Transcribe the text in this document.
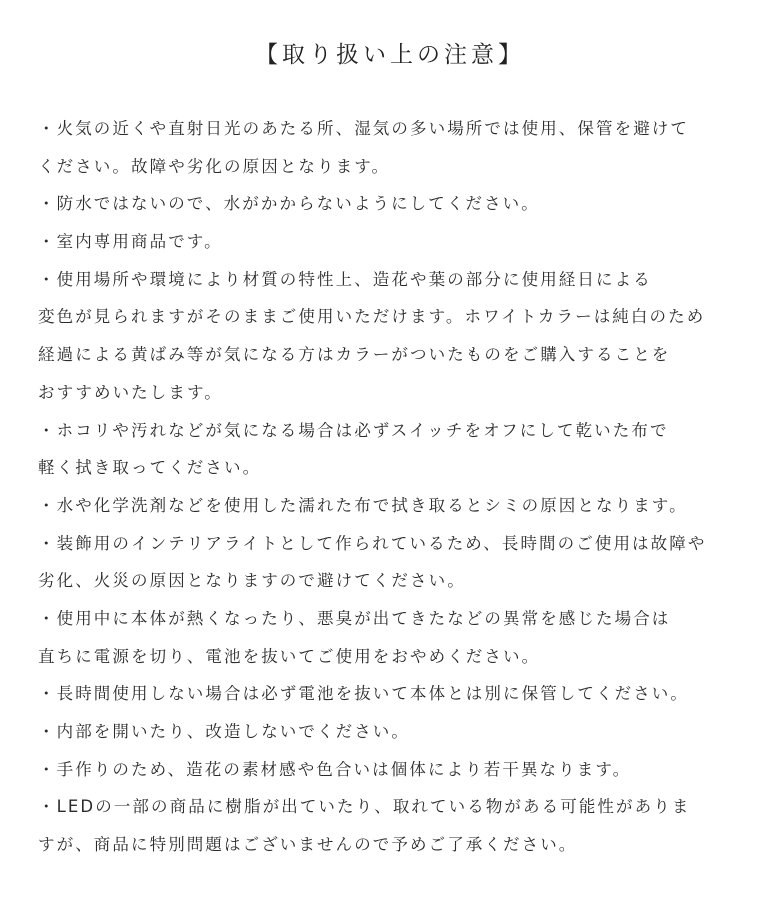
【取り扱い上の注意】
・火気の近くや直射日光のあたる所、湿気の多い場所では使用、保管を避けて
ください。故障や劣化の原因となります。
・防水ではないので、水がかからないようにしてください。
・室内専用商品です。
・使用場所や環境により材質の特性上、造花や葉の部分に使用経日による
変色が見られますがそのままご使用いただけます。ホワイトカラーは純白のため
経過による黄ばみ等が気になる方はカラーがついたものをご購入することを
おすすめいたします。
・ホコリや汚れなどが気になる場合は必ずスイッチをオフにして乾いた布で
軽く拭き取ってください。
・水や化学洗剤などを使用した濡れた布で拭き取るとシミの原因となります。
・装飾用のインテリアライトとして作られているため、長時間のご使用は故障や
劣化、火災の原因となりますので避けてください。
・使用中に本体が熱くなったり、悪臭が出てきたなどの異常を感じた場合は
直ちに電源を切り、電池を抜いてご使用をおやめください。
・長時間使用しない場合は必ず電池を抜いて本体とは別に保管してください。
・内部を開いたり、改造しないでください。
・手作りのため、造花の素材感や色合いは個体により若干異なります。
・LEDの一部の商品に樹脂が出ていたり、取れている物がある可能性がありま
すが、商品に特別問題はございませんので予めご了承ください。
